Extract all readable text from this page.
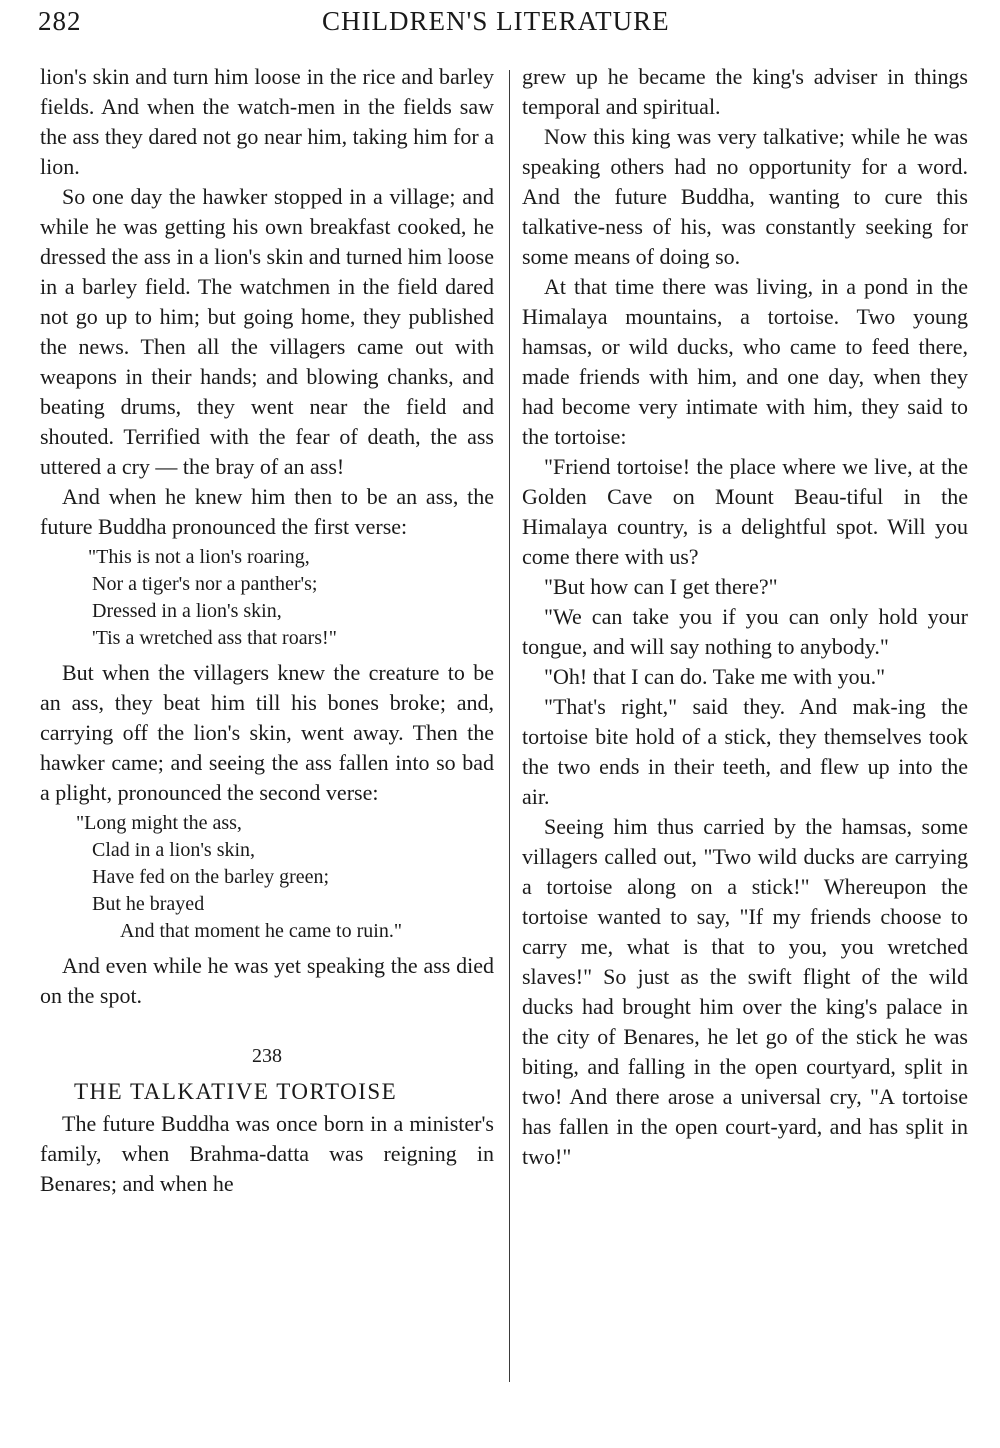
282	CHILDREN'S LITERATURE

lion's skin and turn him loose in the rice and barley fields. And when the watch-men in the fields saw the ass they dared not go near him, taking him for a lion.

So one day the hawker stopped in a village; and while he was getting his own breakfast cooked, he dressed the ass in a lion's skin and turned him loose in a barley field. The watchmen in the field dared not go up to him; but going home, they published the news. Then all the villagers came out with weapons in their hands; and blowing chanks, and beating drums, they went near the field and shouted. Terrified with the fear of death, the ass uttered a cry — the bray of an ass!

And when he knew him then to be an ass, the future Buddha pronounced the first verse:

"This is not a lion's roaring,
Nor a tiger's nor a panther's;
Dressed in a lion's skin,
'Tis a wretched ass that roars!"

But when the villagers knew the creature to be an ass, they beat him till his bones broke; and, carrying off the lion's skin, went away. Then the hawker came; and seeing the ass fallen into so bad a plight, pronounced the second verse:

"Long might the ass,
Clad in a lion's skin,
Have fed on the barley green;
But he brayed
And that moment he came to ruin."

And even while he was yet speaking the ass died on the spot.

238
THE TALKATIVE TORTOISE

The future Buddha was once born in a minister's family, when Brahma-datta was reigning in Benares; and when he

grew up he became the king's adviser in things temporal and spiritual.

Now this king was very talkative; while he was speaking others had no opportunity for a word. And the future Buddha, wanting to cure this talkative-ness of his, was constantly seeking for some means of doing so.

At that time there was living, in a pond in the Himalaya mountains, a tortoise. Two young hamsas, or wild ducks, who came to feed there, made friends with him, and one day, when they had become very intimate with him, they said to the tortoise:

"Friend tortoise! the place where we live, at the Golden Cave on Mount Beau-tiful in the Himalaya country, is a delightful spot. Will you come there with us?

"But how can I get there?"

"We can take you if you can only hold your tongue, and will say nothing to anybody."

"Oh! that I can do. Take me with you."

"That's right," said they. And mak-ing the tortoise bite hold of a stick, they themselves took the two ends in their teeth, and flew up into the air.

Seeing him thus carried by the hamsas, some villagers called out, "Two wild ducks are carrying a tortoise along on a stick!" Whereupon the tortoise wanted to say, "If my friends choose to carry me, what is that to you, you wretched slaves!" So just as the swift flight of the wild ducks had brought him over the king's palace in the city of Benares, he let go of the stick he was biting, and falling in the open courtyard, split in two! And there arose a universal cry, "A tortoise has fallen in the open court-yard, and has split in two!"
